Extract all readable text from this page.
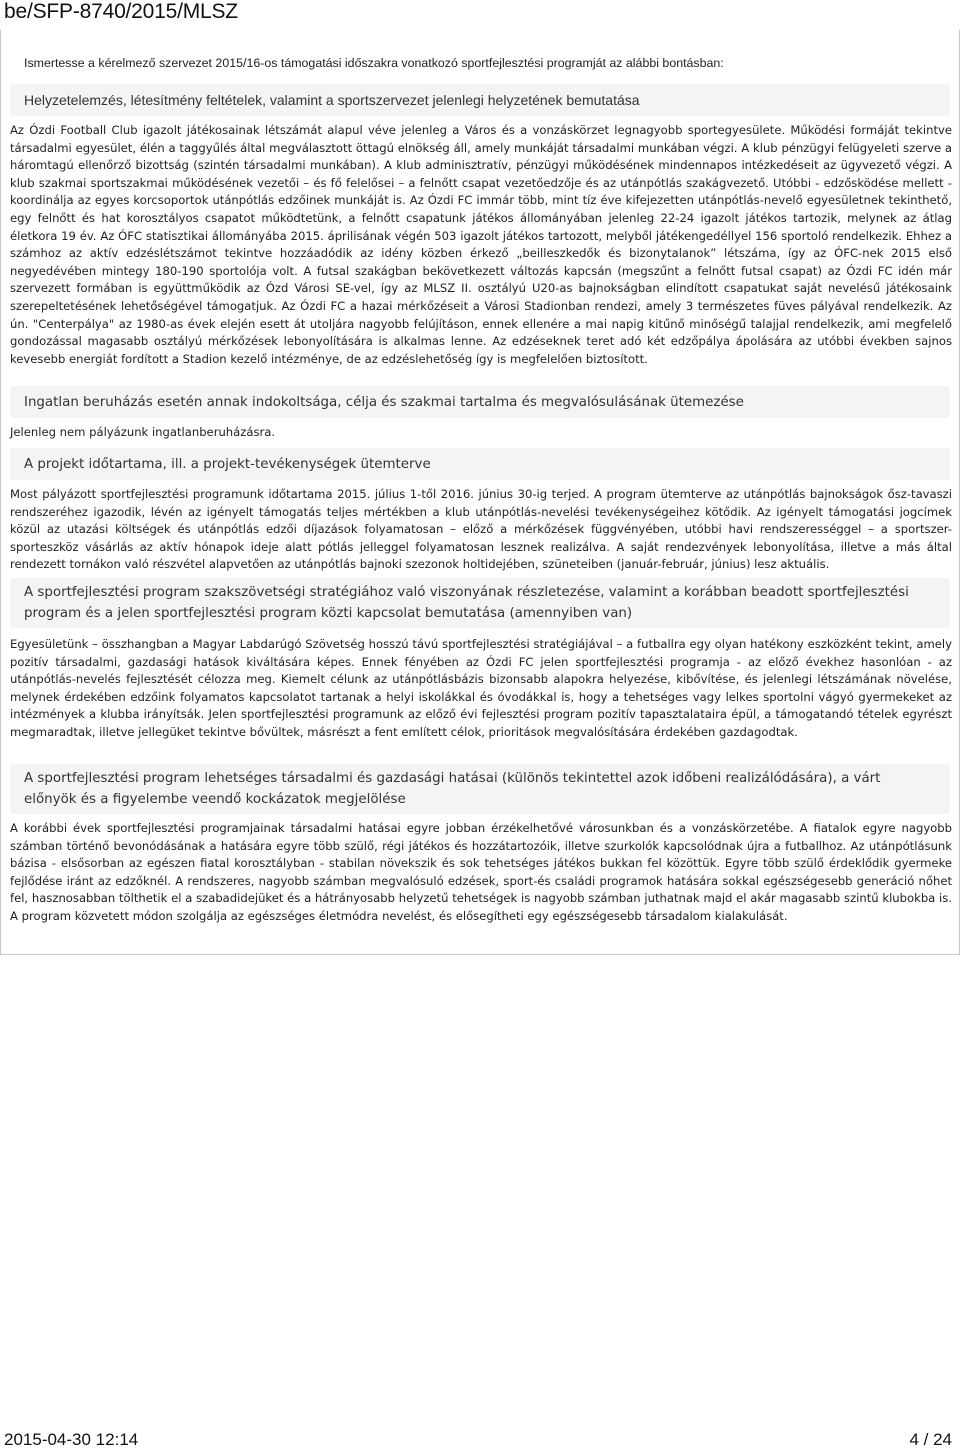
be/SFP-8740/2015/MLSZ
Ismertesse a kérelmező szervezet 2015/16-os támogatási időszakra vonatkozó sportfejlesztési programját az alábbi bontásban:
Helyzetelemzés, létesítmény feltételek, valamint a sportszervezet jelenlegi helyzetének bemutatása
Az Ózdi Football Club igazolt játékosainak létszámát alapul véve jelenleg a Város és a vonzáskörzet legnagyobb sportegyesülete. Működési formáját tekintve társadalmi egyesület, élén a taggyűlés által megválasztott öttagú elnökség áll, amely munkáját társadalmi munkában végzi. A klub pénzügyi felügyeleti szerve a háromtagú ellenőrző bizottság (szintén társadalmi munkában). A klub adminisztratív, pénzügyi működésének mindennapos intézkedéseit az ügyvezető végzi. A klub szakmai sportszakmai működésének vezetői – és fő felelősei – a felnőtt csapat vezetőedzője és az utánpótlás szakágvezető. Utóbbi - edzősködése mellett - koordinálja az egyes korcsoportok utánpótlás edzőinek munkáját is. Az Ózdi FC immár több, mint tíz éve kifejezetten utánpótlás-nevelő egyesületnek tekinthető, egy felnőtt és hat korosztályos csapatot működtetünk, a felnőtt csapatunk játékos állományában jelenleg 22-24 igazolt játékos tartozik, melynek az átlag életkora 19 év. Az ÓFC statisztikai állományába 2015. áprilisának végén 503 igazolt játékos tartozott, melyből játékengedéllyel 156 sportoló rendelkezik. Ehhez a számhoz az aktív edzéslétszámot tekintve hozzáadódik az idény közben érkező „beilleszkedők és bizonytalanok” létszáma, így az ÓFC-nek 2015 első negyedévében mintegy 180-190 sportolója volt. A futsal szakágban bekövetkezett változás kapcsán (megszűnt a felnőtt futsal csapat) az Ózdi FC idén már szervezett formában is együttműködik az Ózd Városi SE-vel, így az MLSZ II. osztályú U20-as bajnokságban elindított csapatukat saját nevelésű játékosaink szerepeltetésének lehetőségével támogatjuk. Az Ózdi FC a hazai mérkőzéseit a Városi Stadionban rendezi, amely 3 természetes füves pályával rendelkezik. Az ún. "Centerpálya" az 1980-as évek elején esett át utoljára nagyobb felújításon, ennek ellenére a mai napig kitűnő minőségű talajjal rendelkezik, ami megfelelő gondozással magasabb osztályú mérkőzések lebonyolítására is alkalmas lenne. Az edzéseknek teret adó két edzőpálya ápolására az utóbbi években sajnos kevesebb energiát fordított a Stadion kezelő intézménye, de az edzéslehetőség így is megfelelően biztosított.
Ingatlan beruházás esetén annak indokoltsága, célja és szakmai tartalma és megvalósulásának ütemezése
Jelenleg nem pályázunk ingatlanberuházásra.
A projekt időtartama, ill. a projekt-tevékenységek ütemterve
Most pályázott sportfejlesztési programunk időtartama 2015. július 1-től 2016. június 30-ig terjed. A program ütemterve az utánpótlás bajnokságok ősz-tavaszi rendszeréhez igazodik, lévén az igényelt támogatás teljes mértékben a klub utánpótlás-nevelési tevékenységeihez kötődik. Az igényelt támogatási jogcímek közül az utazási költségek és utánpótlás edzői díjazások folyamatosan – előző a mérkőzések függvényében, utóbbi havi rendszerességgel – a sportszer-sporteszköz vásárlás az aktív hónapok ideje alatt pótlás jelleggel folyamatosan lesznek realizálva. A saját rendezvények lebonyolítása, illetve a más által rendezett tornákon való részvétel alapvetően az utánpótlás bajnoki szezonok holtidejében, szüneteiben (január-február, június) lesz aktuális.
A sportfejlesztési program szakszövetségi stratégiához való viszonyának részletezése, valamint a korábban beadott sportfejlesztési program és a jelen sportfejlesztési program közti kapcsolat bemutatása (amennyiben van)
Egyesületünk – összhangban a Magyar Labdarúgó Szövetség hosszú távú sportfejlesztési stratégiájával – a futballra egy olyan hatékony eszközként tekint, amely pozitív társadalmi, gazdasági hatások kiváltására képes. Ennek fényében az Ózdi FC jelen sportfejlesztési programja - az előző évekhez hasonlóan - az utánpótlás-nevelés fejlesztését célozza meg. Kiemelt célunk az utánpótlásbázis bizonsabb alapokra helyezése, kibővítése, és jelenlegi létszámának növelése, melynek érdekében edzőink folyamatos kapcsolatot tartanak a helyi iskolákkal és óvodákkal is, hogy a tehetséges vagy lelkes sportolni vágyó gyermekeket az intézmények a klubba irányítsák. Jelen sportfejlesztési programunk az előző évi fejlesztési program pozitív tapasztalataira épül, a támogatandó tételek egyrészt megmaradtak, illetve jellegüket tekintve bővültek, másrészt a fent említett célok, prioritások megvalósítására érdekében gazdagodtak.
A sportfejlesztési program lehetséges társadalmi és gazdasági hatásai (különös tekintettel azok időbeni realizálódására), a várt előnyök és a figyelembe veendő kockázatok megjelölése
A korábbi évek sportfejlesztési programjainak társadalmi hatásai egyre jobban érzékelhetővé városunkban és a vonzáskörzetébe. A fiatalok egyre nagyobb számban történő bevonódásának a hatására egyre több szülő, régi játékos és hozzátartozóik, illetve szurkolók kapcsolódnak újra a futballhoz. Az utánpótlásunk bázisa - elsősorban az egészen fiatal korosztályban - stabilan növekszik és sok tehetséges játékos bukkan fel közöttük. Egyre több szülő érdeklődik gyermeke fejlődése iránt az edzőknél. A rendszeres, nagyobb számban megvalósuló edzések, sport-és családi programok hatására sokkal egészségesebb generáció nőhet fel, hasznosabban tölthetik el a szabadidejüket és a hátrányosabb helyzetű tehetségek is nagyobb számban juthatnak majd el akár magasabb szintű klubokba is. A program közvetett módon szolgálja az egészséges életmódra nevelést, és elősegítheti egy egészségesebb társadalom kialakulását.
2015-04-30 12:14	4 / 24
